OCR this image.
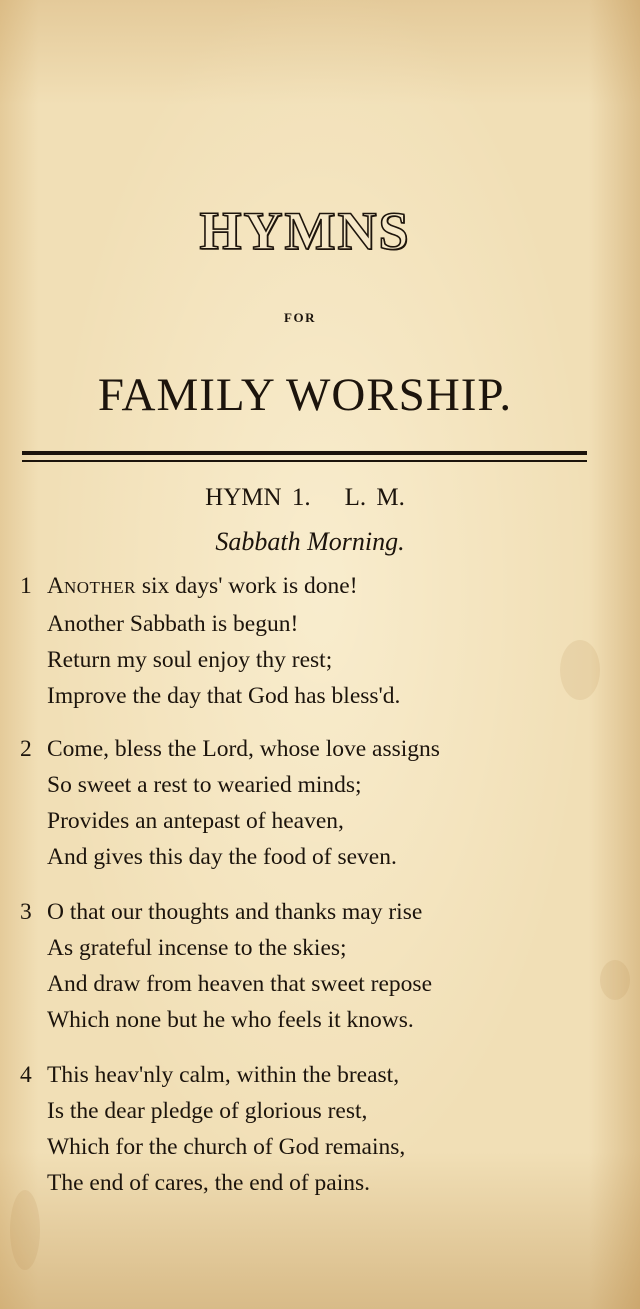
HYMNS
FOR
FAMILY WORSHIP.
HYMN 1. L. M.
Sabbath Morning.
1 ANOTHER six days' work is done!
Another Sabbath is begun!
Return my soul enjoy thy rest;
Improve the day that God has bless'd.
2 Come, bless the Lord, whose love assigns
So sweet a rest to wearied minds;
Provides an antepast of heaven,
And gives this day the food of seven.
3 O that our thoughts and thanks may rise
As grateful incense to the skies;
And draw from heaven that sweet repose
Which none but he who feels it knows.
4 This heav'nly calm, within the breast,
Is the dear pledge of glorious rest,
Which for the church of God remains,
The end of cares, the end of pains.
